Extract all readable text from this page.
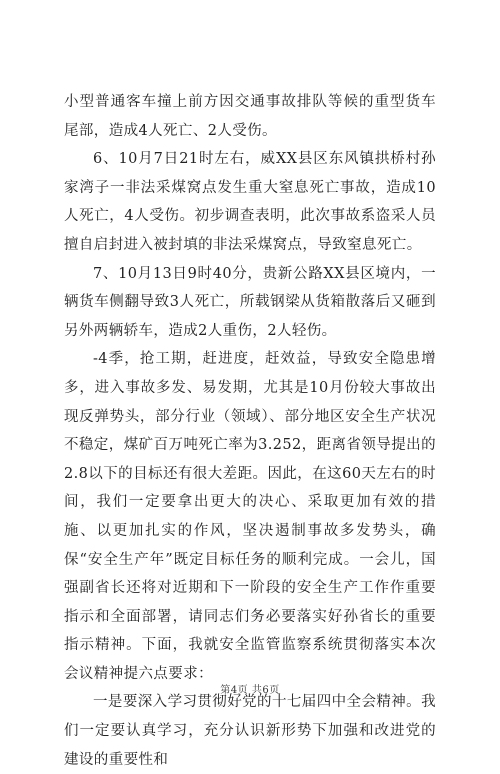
小型普通客车撞上前方因交通事故排队等候的重型货车尾部，造成4人死亡、2人受伤。

6、10月7日21时左右，威XX县区东风镇拱桥村孙家湾子一非法采煤窝点发生重大窒息死亡事故，造成10人死亡，4人受伤。初步调查表明，此次事故系盗采人员擅自启封进入被封填的非法采煤窝点，导致窒息死亡。

7、10月13日9时40分，贵新公路XX县区境内，一辆货车侧翻导致3人死亡，所载钢梁从货箱散落后又砸到另外两辆轿车，造成2人重伤，2人轻伤。

-4季，抢工期，赶进度，赶效益，导致安全隐患增多，进入事故多发、易发期，尤其是10月份较大事故出现反弹势头，部分行业（领域）、部分地区安全生产状况不稳定，煤矿百万吨死亡率为3.252，距离省领导提出的2.8以下的目标还有很大差距。因此，在这60天左右的时间，我们一定要拿出更大的决心、采取更加有效的措施、以更加扎实的作风，坚决遏制事故多发势头，确保“安全生产年”既定目标任务的顺利完成。一会儿，国强副省长还将对近期和下一阶段的安全生产工作作重要指示和全面部署，请同志们务必要落实好孙省长的重要指示精神。下面，我就安全监管监察系统贯彻落实本次会议精神提六点要求：

一是要深入学习贯彻好党的十七届四中全会精神。我们一定要认真学习，充分认识新形势下加强和改进党的建设的重要性和

第4页 共6页
